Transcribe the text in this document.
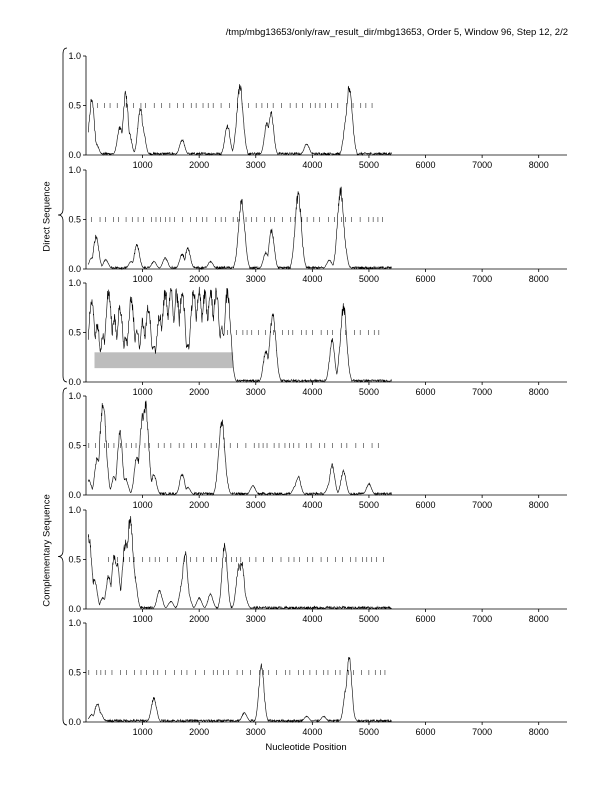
0.0
0.5
1.0
1000	2000	3000	4000	5000	6000	7000	8000
0.0
0.5
1.0
1000	2000	3000	4000	5000	6000	7000	8000
0.0
0.5
1.0
1000	2000	3000	4000	5000	6000	7000	8000
0.0
0.5
1.0
1000	2000	3000	4000	5000	6000	7000	8000
0.0
0.5
1.0
1000	2000	3000	4000	5000	6000	7000	8000
0.0
0.5
1.0
1000	2000	3000	4000	5000	6000	7000	8000
/tmp/mbg13653/only/raw_result_dir/mbg13653, Order 5, Window 96, Step 12, 2/2
Direct Sequence
Complementary Sequence
Nucleotide Position
